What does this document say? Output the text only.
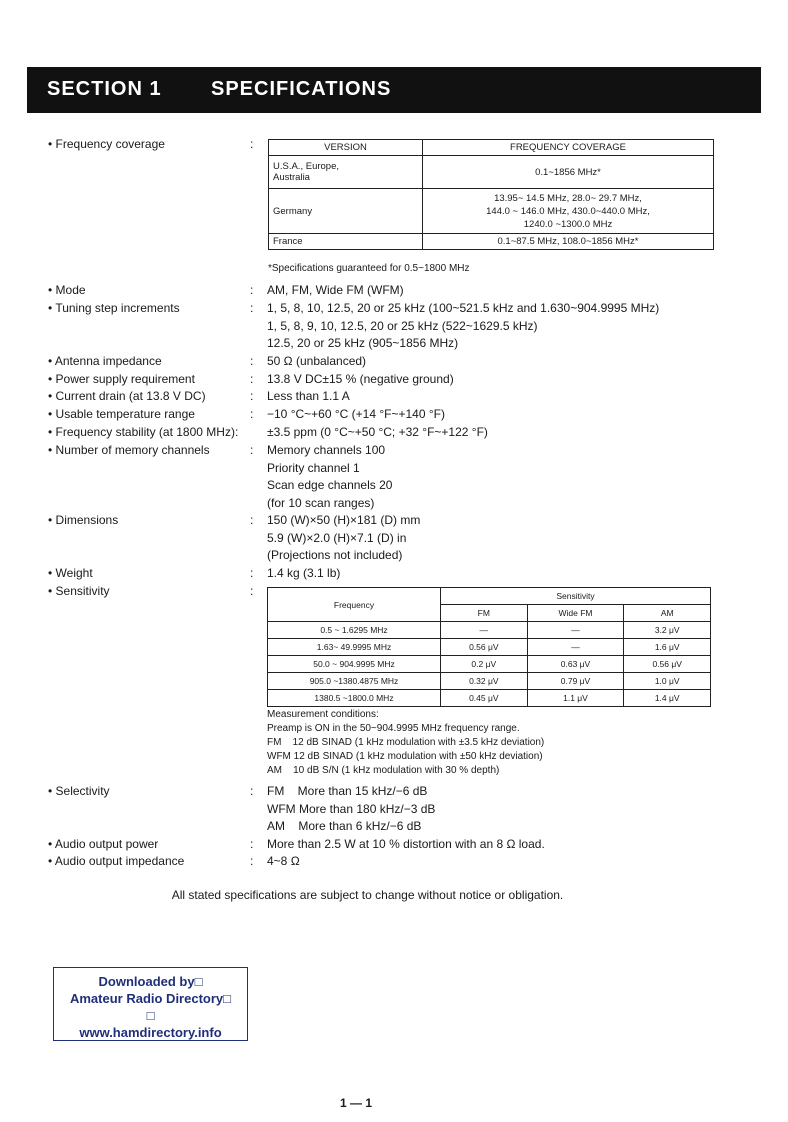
SECTION 1 SPECIFICATIONS
• Frequency coverage	:	VERSION	FREQUENCY COVERAGE
U.S.A., Europe,
Australia	0.1~1856 MHz*
Germany	13.95~ 14.5 MHz, 28.0~ 29.7 MHz,
144.0 ~ 146.0 MHz, 430.0~440.0 MHz,
1240.0 ~1300.0 MHz
France	0.1~87.5 MHz, 108.0~1856 MHz*
*Specifications guaranteed for 0.5~1800 MHz
• Mode	: AM, FM, Wide FM (WFM)
• Tuning step increments	: 1, 5, 8, 10, 12.5, 20 or 25 kHz (100~521.5 kHz and 1.630~904.9995 MHz)
1, 5, 8, 9, 10, 12.5, 20 or 25 kHz (522~1629.5 kHz)
12.5, 20 or 25 kHz (905~1856 MHz)
• Antenna impedance	: 50 Ω (unbalanced)
• Power supply requirement	: 13.8 V DC±15 % (negative ground)
• Current drain (at 13.8 V DC)	: Less than 1.1 A
• Usable temperature range	: −10 °C~+60 °C (+14 °F~+140 °F)
• Frequency stability (at 1800 MHz): ±3.5 ppm (0 °C~+50 °C; +32 °F~+122 °F)
• Number of memory channels	: Memory channels 100
Priority channel 1
Scan edge channels 20
(for 10 scan ranges)
• Dimensions	: 150 (W)×50 (H)×181 (D) mm
5.9 (W)×2.0 (H)×7.1 (D) in
(Projections not included)
• Weight	: 1.4 kg (3.1 lb)
• Sensitivity	:
Frequency	Sensitivity		
	FM	Wide FM	AM
0.5 ~ 1.6295 MHz	—	—	3.2 μV
1.63~ 49.9995 MHz	0.56 μV	—	1.6 μV
50.0 ~ 904.9995 MHz	0.2 μV	0.63 μV	0.56 μV
905.0 ~1380.4875 MHz	0.32 μV	0.79 μV	1.0 μV
1380.5 ~1800.0 MHz	0.45 μV	1.1 μV	1.4 μV
Measurement conditions:
Preamp is ON in the 50~904.9995 MHz frequency range.
FM    12 dB SINAD (1 kHz modulation with ±3.5 kHz deviation)
WFM 12 dB SINAD (1 kHz modulation with ±50 kHz deviation)
AM    10 dB S/N (1 kHz modulation with 30 % depth)
• Selectivity	: FM    More than 15 kHz/−6 dB
WFM More than 180 kHz/−3 dB
AM    More than 6 kHz/−6 dB
• Audio output power	: More than 2.5 W at 10 % distortion with an 8 Ω load.
• Audio output impedance	: 4~8 Ω
All stated specifications are subject to change without notice or obligation.
Downloaded by□
Amateur Radio Directory□
□
www.hamdirectory.info
1 — 1
